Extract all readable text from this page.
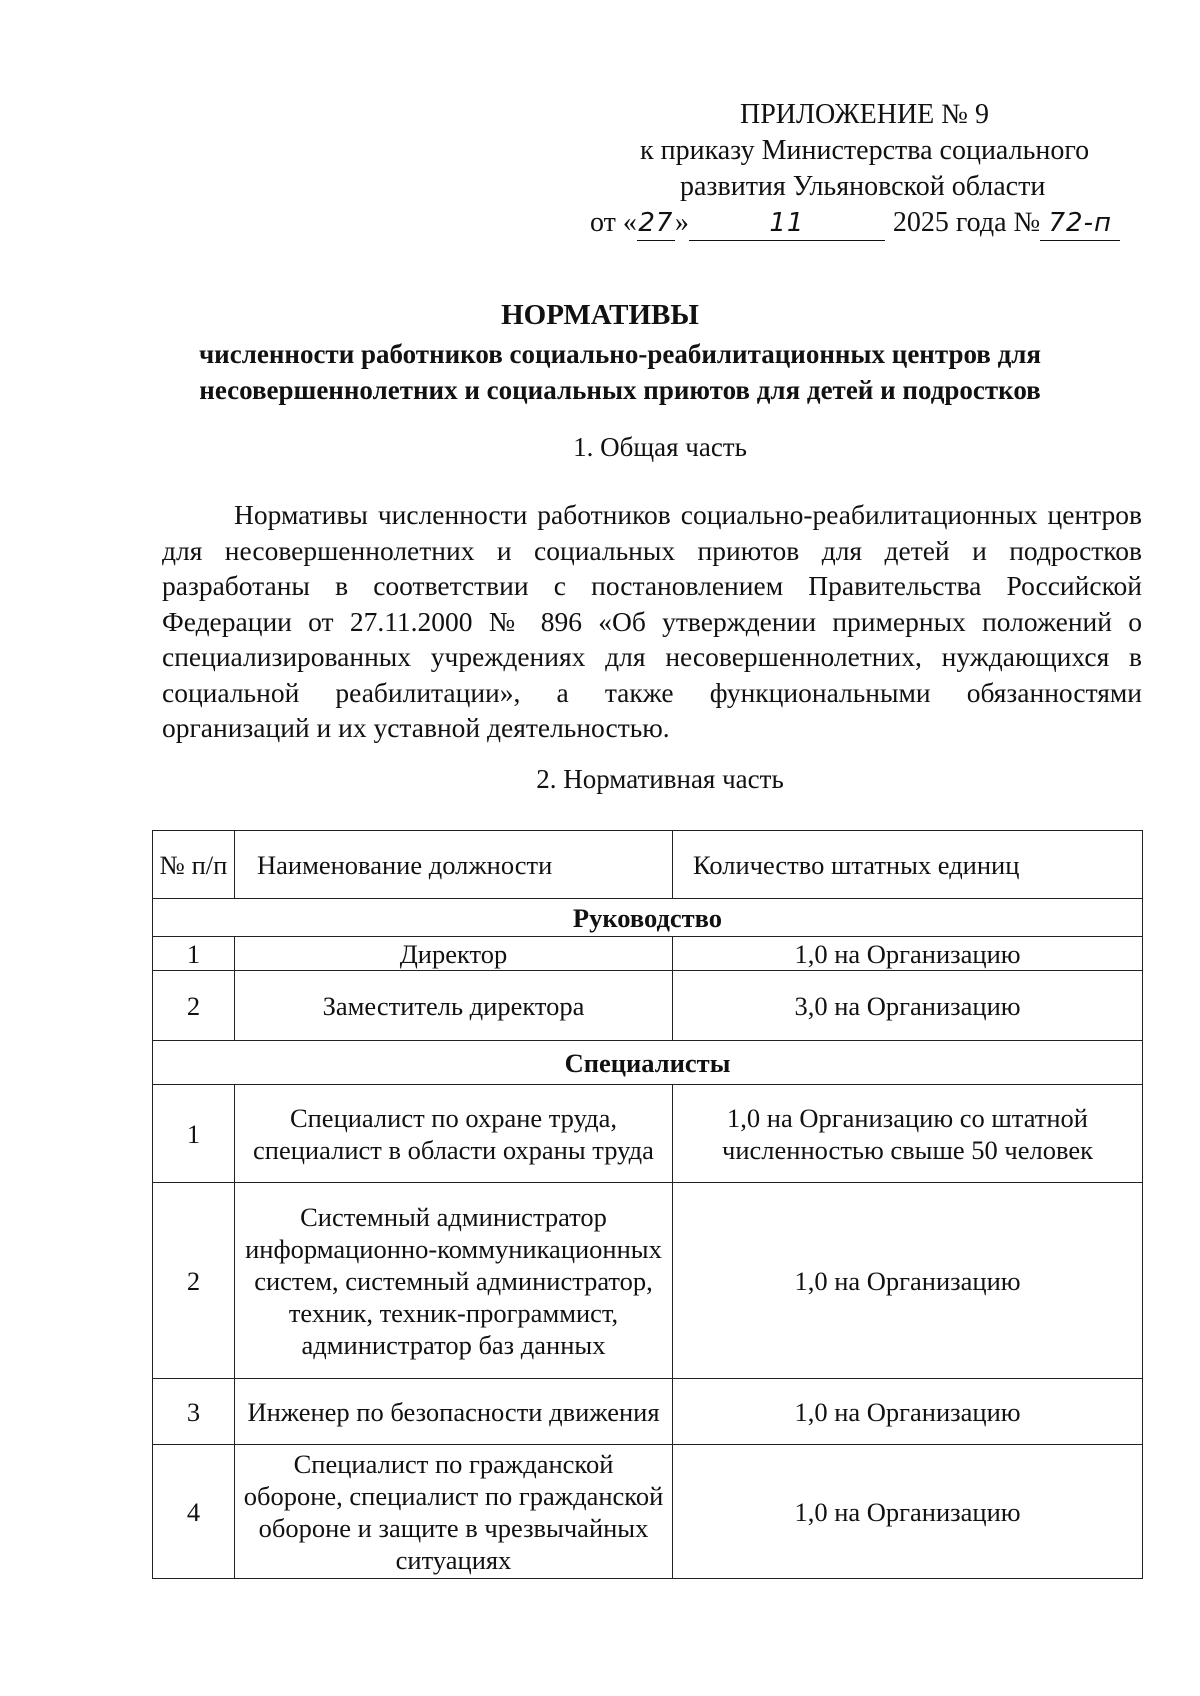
ПРИЛОЖЕНИЕ № 9
к приказу Министерства социального
развития Ульяновской области
от «27»	11	2025 года № 72-п
НОРМАТИВЫ
численности работников социально-реабилитационных центров для несовершеннолетних и социальных приютов для детей и подростков
1. Общая часть
Нормативы численности работников социально-реабилитационных центров для несовершеннолетних и социальных приютов для детей и подростков разработаны в соответствии с постановлением Правительства Российской Федерации от 27.11.2000 № 896 «Об утверждении примерных положений о специализированных учреждениях для несовершеннолетних, нуждающихся в социальной реабилитации», а также функциональными обязанностями организаций и их уставной деятельностью.
2. Нормативная часть
№ п/п	Наименование должности	Количество штатных единиц
Руководство		
1	Директор	1,0 на Организацию
2	Заместитель директора	3,0 на Организацию
Специалисты		
1	Специалист по охране труда, специалист в области охраны труда	1,0 на Организацию со штатной численностью свыше 50 человек
2	Системный администратор информационно-коммуникационных систем, системный администратор, техник, техник-программист, администратор баз данных	1,0 на Организацию
3	Инженер по безопасности движения	1,0 на Организацию
4	Специалист по гражданской обороне, специалист по гражданской обороне и защите в чрезвычайных ситуациях	1,0 на Организацию
